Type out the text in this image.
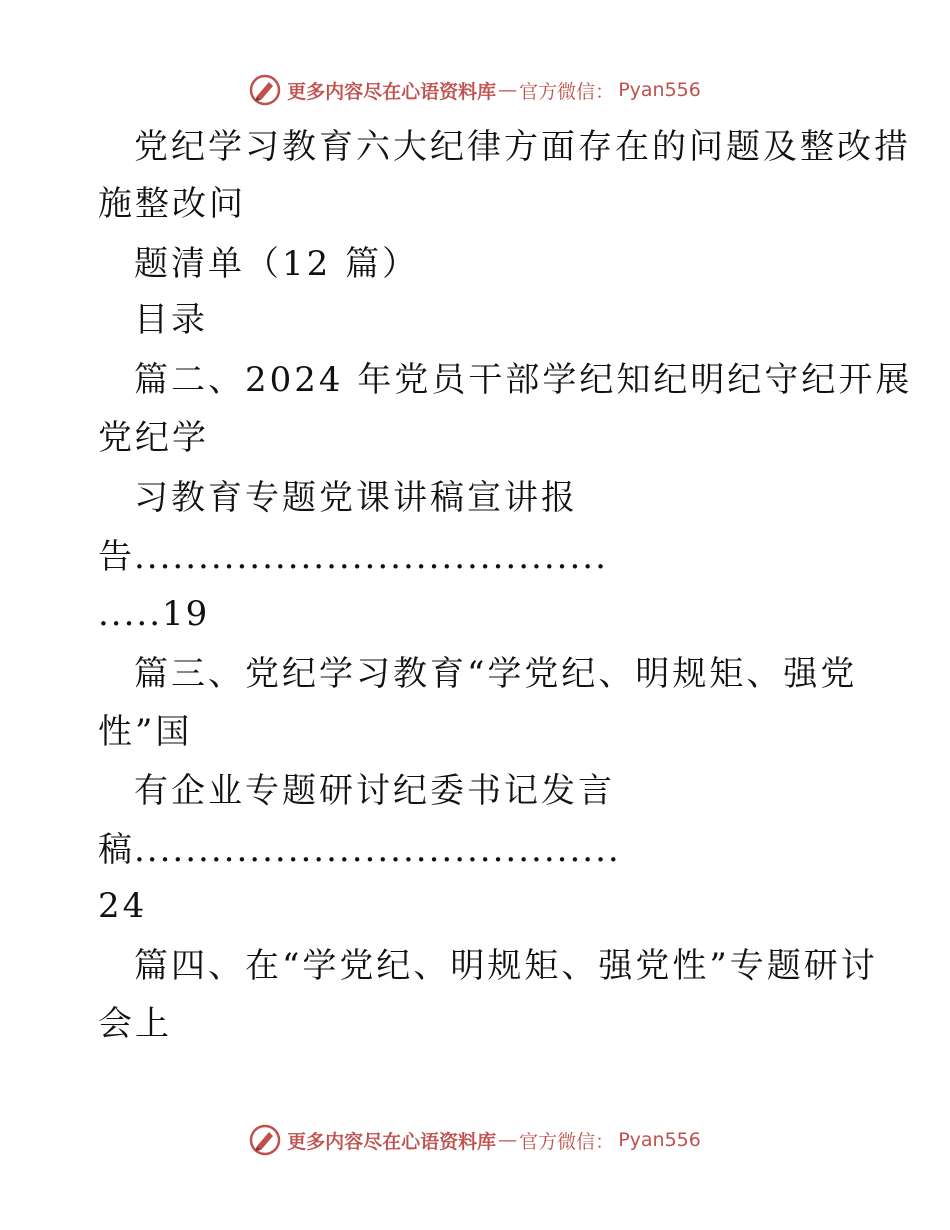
更多内容尽在心语资料库 — 官方微信： Pyan556
党纪学习教育六大纪律方面存在的问题及整改措
施整改问
题清单（12 篇）
目录
篇二、2024 年党员干部学纪知纪明纪守纪开展
党纪学
习教育专题党课讲稿宣讲报
告.....................................
.....19
篇三、党纪学习教育“学党纪、明规矩、强党
性”国
有企业专题研讨纪委书记发言
稿......................................
24
篇四、在“学党纪、明规矩、强党性”专题研讨
会上
更多内容尽在心语资料库 — 官方微信： Pyan556
